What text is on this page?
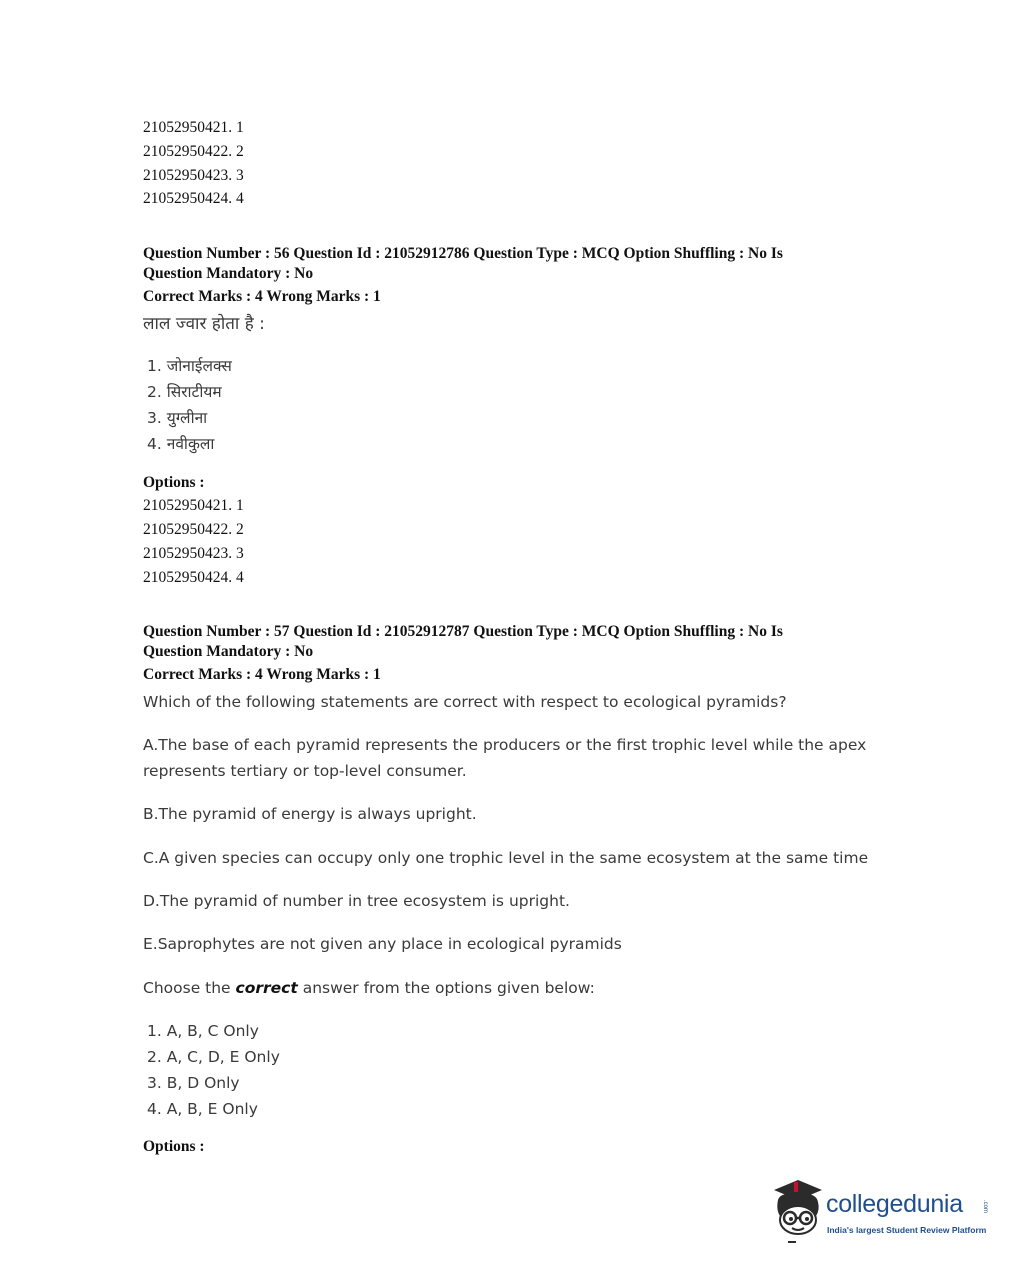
21052950421. 1
21052950422. 2
21052950423. 3
21052950424. 4
Question Number : 56 Question Id : 21052912786 Question Type : MCQ Option Shuffling : No Is
Question Mandatory : No
Correct Marks : 4 Wrong Marks : 1
लाल ज्वार होता है :
1. जोनाईलक्स
2. सिराटीयम
3. युग्लीना
4. नवीकुला
Options :
21052950421. 1
21052950422. 2
21052950423. 3
21052950424. 4
Question Number : 57 Question Id : 21052912787 Question Type : MCQ Option Shuffling : No Is
Question Mandatory : No
Correct Marks : 4 Wrong Marks : 1
Which of the following statements are correct with respect to ecological pyramids?
A.The base of each pyramid represents the producers or the first trophic level while the apex
represents tertiary or top-level consumer.
B.The pyramid of energy is always upright.
C.A given species can occupy only one trophic level in the same ecosystem at the same time
D.The pyramid of number in tree ecosystem is upright.
E.Saprophytes are not given any place in ecological pyramids
Choose the correct answer from the options given below:
1. A, B, C Only
2. A, C, D, E Only
3. B, D Only
4. A, B, E Only
Options :
collegedunia	.com
India's largest Student Review Platform
